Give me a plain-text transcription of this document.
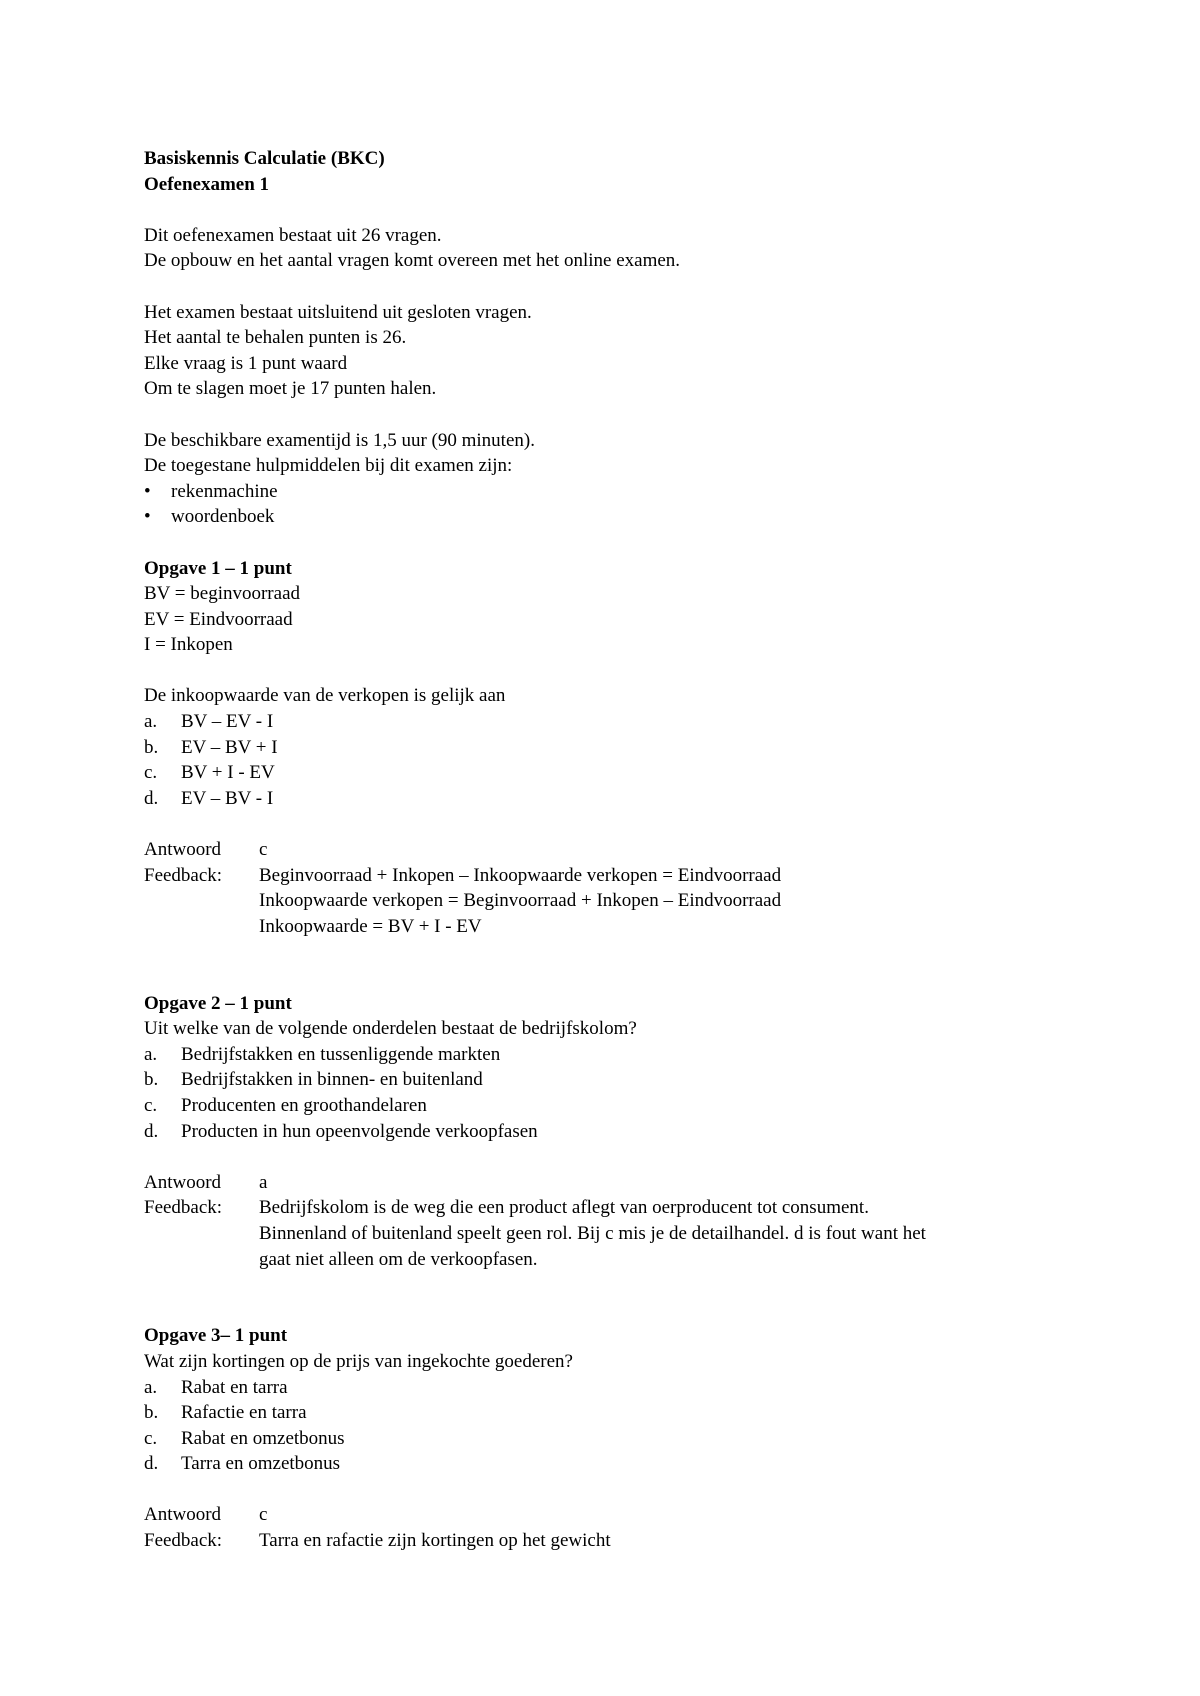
Basiskennis Calculatie (BKC)
Oefenexamen 1
Dit oefenexamen bestaat uit 26 vragen.
De opbouw en het aantal vragen komt overeen met het online examen.
Het examen bestaat uitsluitend uit gesloten vragen.
Het aantal te behalen punten is 26.
Elke vraag is 1 punt waard
Om te slagen moet je 17 punten halen.
De beschikbare examentijd is 1,5 uur (90 minuten).
De toegestane hulpmiddelen bij dit examen zijn:
•	rekenmachine
•	woordenboek
Opgave 1 – 1 punt
BV = beginvoorraad
EV = Eindvoorraad
I = Inkopen
De inkoopwaarde van de verkopen is gelijk aan
a.	BV – EV - I
b.	EV – BV + I
c.	BV + I - EV
d.	EV – BV - I
Antwoord	c
Feedback:	Beginvoorraad + Inkopen – Inkoopwaarde verkopen = Eindvoorraad
Inkoopwaarde verkopen = Beginvoorraad + Inkopen – Eindvoorraad
Inkoopwaarde = BV + I - EV
Opgave 2 – 1 punt
Uit welke van de volgende onderdelen bestaat de bedrijfskolom?
a.	Bedrijfstakken en tussenliggende markten
b.	Bedrijfstakken in binnen- en buitenland
c.	Producenten en groothandelaren
d.	Producten in hun opeenvolgende verkoopfasen
Antwoord	a
Feedback:	Bedrijfskolom is de weg die een product aflegt van oerproducent tot consument.
Binnenland of buitenland speelt geen rol. Bij c mis je de detailhandel. d is fout want het
gaat niet alleen om de verkoopfasen.
Opgave 3– 1 punt
Wat zijn kortingen op de prijs van ingekochte goederen?
a.	Rabat en tarra
b.	Rafactie en tarra
c.	Rabat en omzetbonus
d.	Tarra en omzetbonus
Antwoord	c
Feedback:	Tarra en rafactie zijn kortingen op het gewicht
